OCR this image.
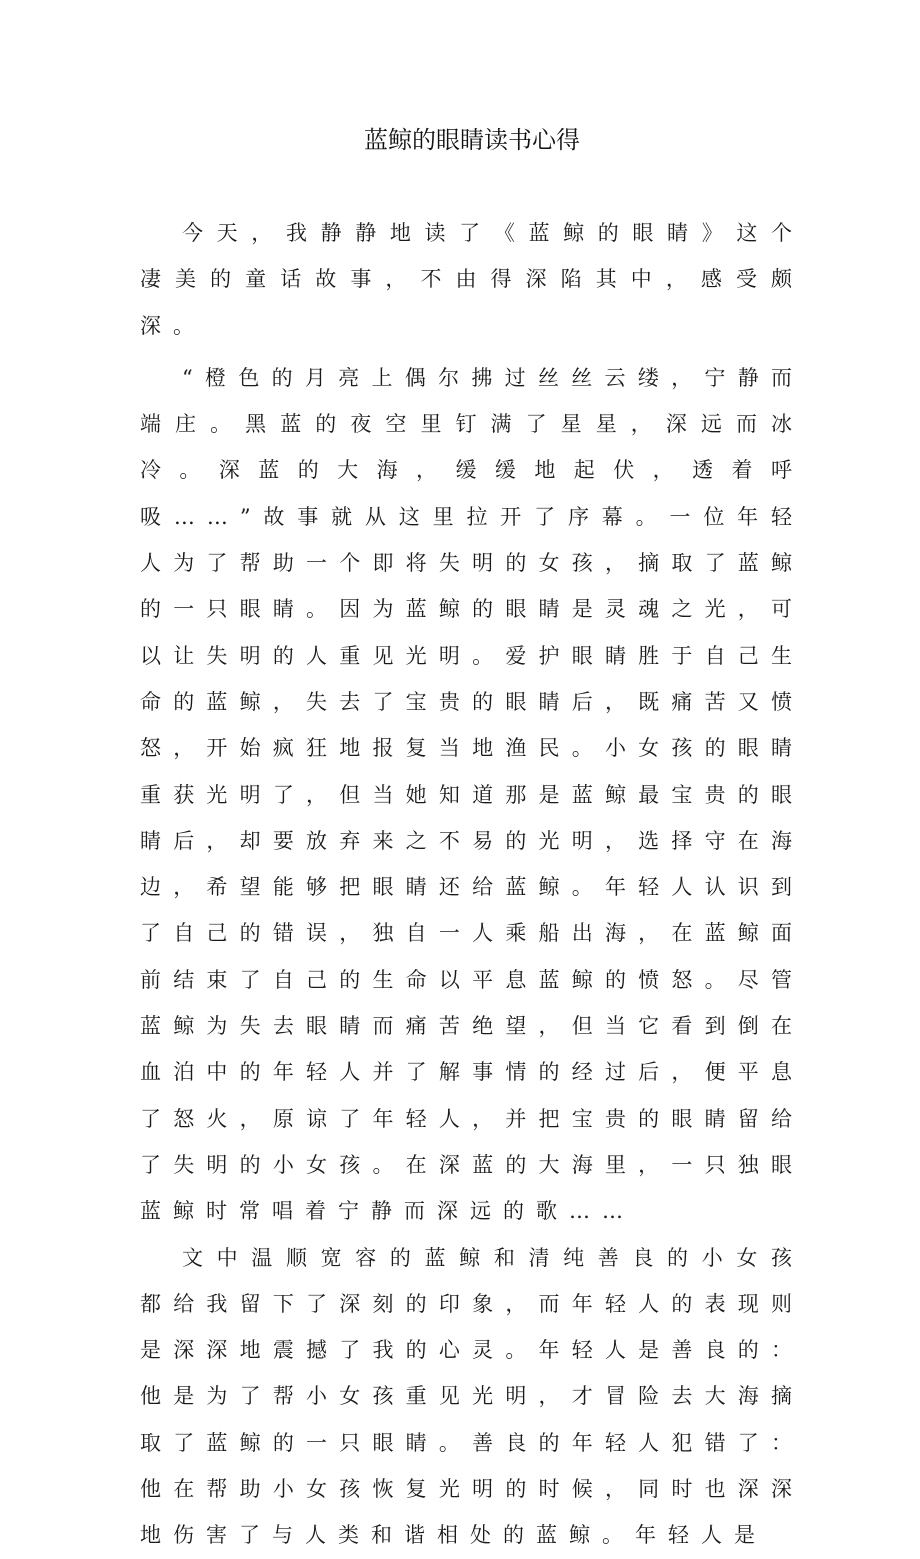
蓝鲸的眼睛读书心得

今天，我静静地读了《蓝鲸的眼睛》这个凄美的童话故事，不由得深陷其中，感受颇深。

“橙色的月亮上偶尔拂过丝丝云缕，宁静而端庄。黑蓝的夜空里钉满了星星，深远而冰冷。深蓝的大海，缓缓地起伏，透着呼吸……”故事就从这里拉开了序幕。一位年轻人为了帮助一个即将失明的女孩，摘取了蓝鲸的一只眼睛。因为蓝鲸的眼睛是灵魂之光，可以让失明的人重见光明。爱护眼睛胜于自己生命的蓝鲸，失去了宝贵的眼睛后，既痛苦又愤怒，开始疯狂地报复当地渔民。小女孩的眼睛重获光明了，但当她知道那是蓝鲸最宝贵的眼睛后，却要放弃来之不易的光明，选择守在海边，希望能够把眼睛还给蓝鲸。年轻人认识到了自己的错误，独自一人乘船出海，在蓝鲸面前结束了自己的生命以平息蓝鲸的愤怒。尽管蓝鲸为失去眼睛而痛苦绝望，但当它看到倒在血泊中的年轻人并了解事情的经过后，便平息了怒火，原谅了年轻人，并把宝贵的眼睛留给了失明的小女孩。在深蓝的大海里，一只独眼蓝鲸时常唱着宁静而深远的歌……

文中温顺宽容的蓝鲸和清纯善良的小女孩都给我留下了深刻的印象，而年轻人的表现则是深深地震撼了我的心灵。年轻人是善良的：他是为了帮小女孩重见光明，才冒险去大海摘取了蓝鲸的一只眼睛。善良的年轻人犯错了：他在帮助小女孩恢复光明的时候，同时也深深地伤害了与人类和谐相处的蓝鲸。年轻人是
